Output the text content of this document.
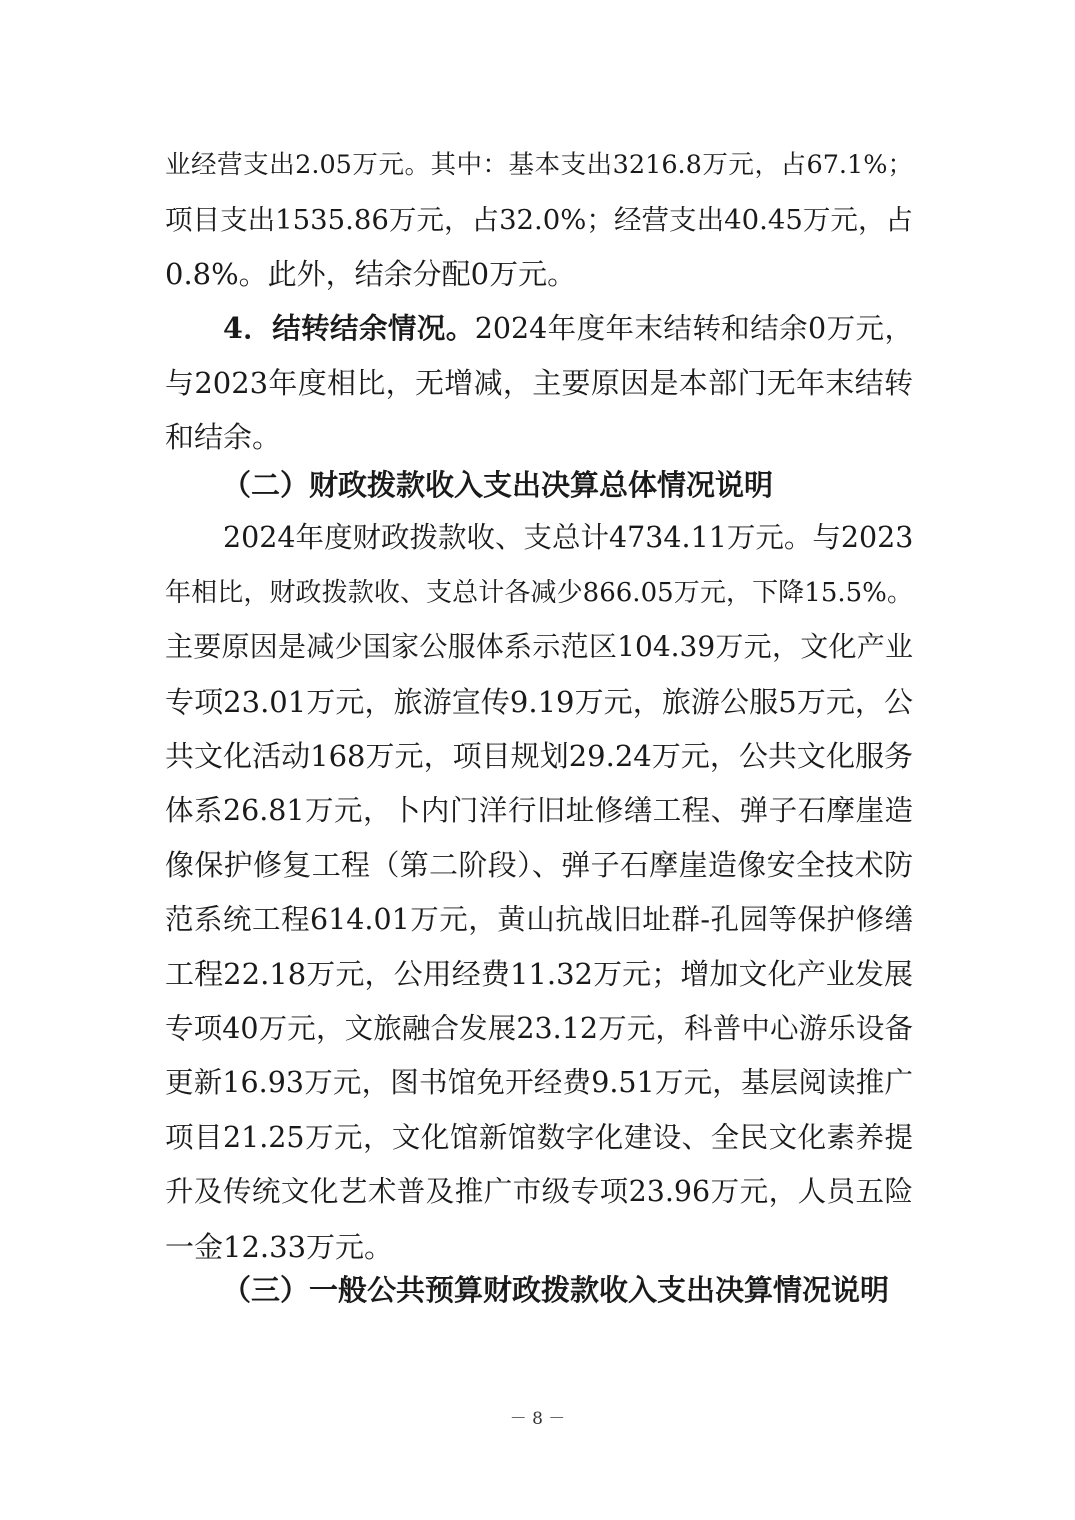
业经营支出2.05万元。其中：基本支出3216.8万元，占67.1%；
项目支出1535.86万元，占32.0%；经营支出40.45万元，占
0.8%。此外，结余分配0万元。
4．结转结余情况。2024年度年末结转和结余0万元，
与2023年度相比，无增减，主要原因是本部门无年末结转
和结余。
（二）财政拨款收入支出决算总体情况说明
2024年度财政拨款收、支总计4734.11万元。与2023
年相比，财政拨款收、支总计各减少866.05万元，下降15.5%。
主要原因是减少国家公服体系示范区104.39万元，文化产业
专项23.01万元，旅游宣传9.19万元，旅游公服5万元，公
共文化活动168万元，项目规划29.24万元，公共文化服务
体系26.81万元，卜内门洋行旧址修缮工程、弹子石摩崖造
像保护修复工程（第二阶段）、弹子石摩崖造像安全技术防
范系统工程614.01万元，黄山抗战旧址群-孔园等保护修缮
工程22.18万元，公用经费11.32万元；增加文化产业发展
专项40万元，文旅融合发展23.12万元，科普中心游乐设备
更新16.93万元，图书馆免开经费9.51万元，基层阅读推广
项目21.25万元，文化馆新馆数字化建设、全民文化素养提
升及传统文化艺术普及推广市级专项23.96万元，人员五险
一金12.33万元。
（三）一般公共预算财政拨款收入支出决算情况说明
－ 8 －
